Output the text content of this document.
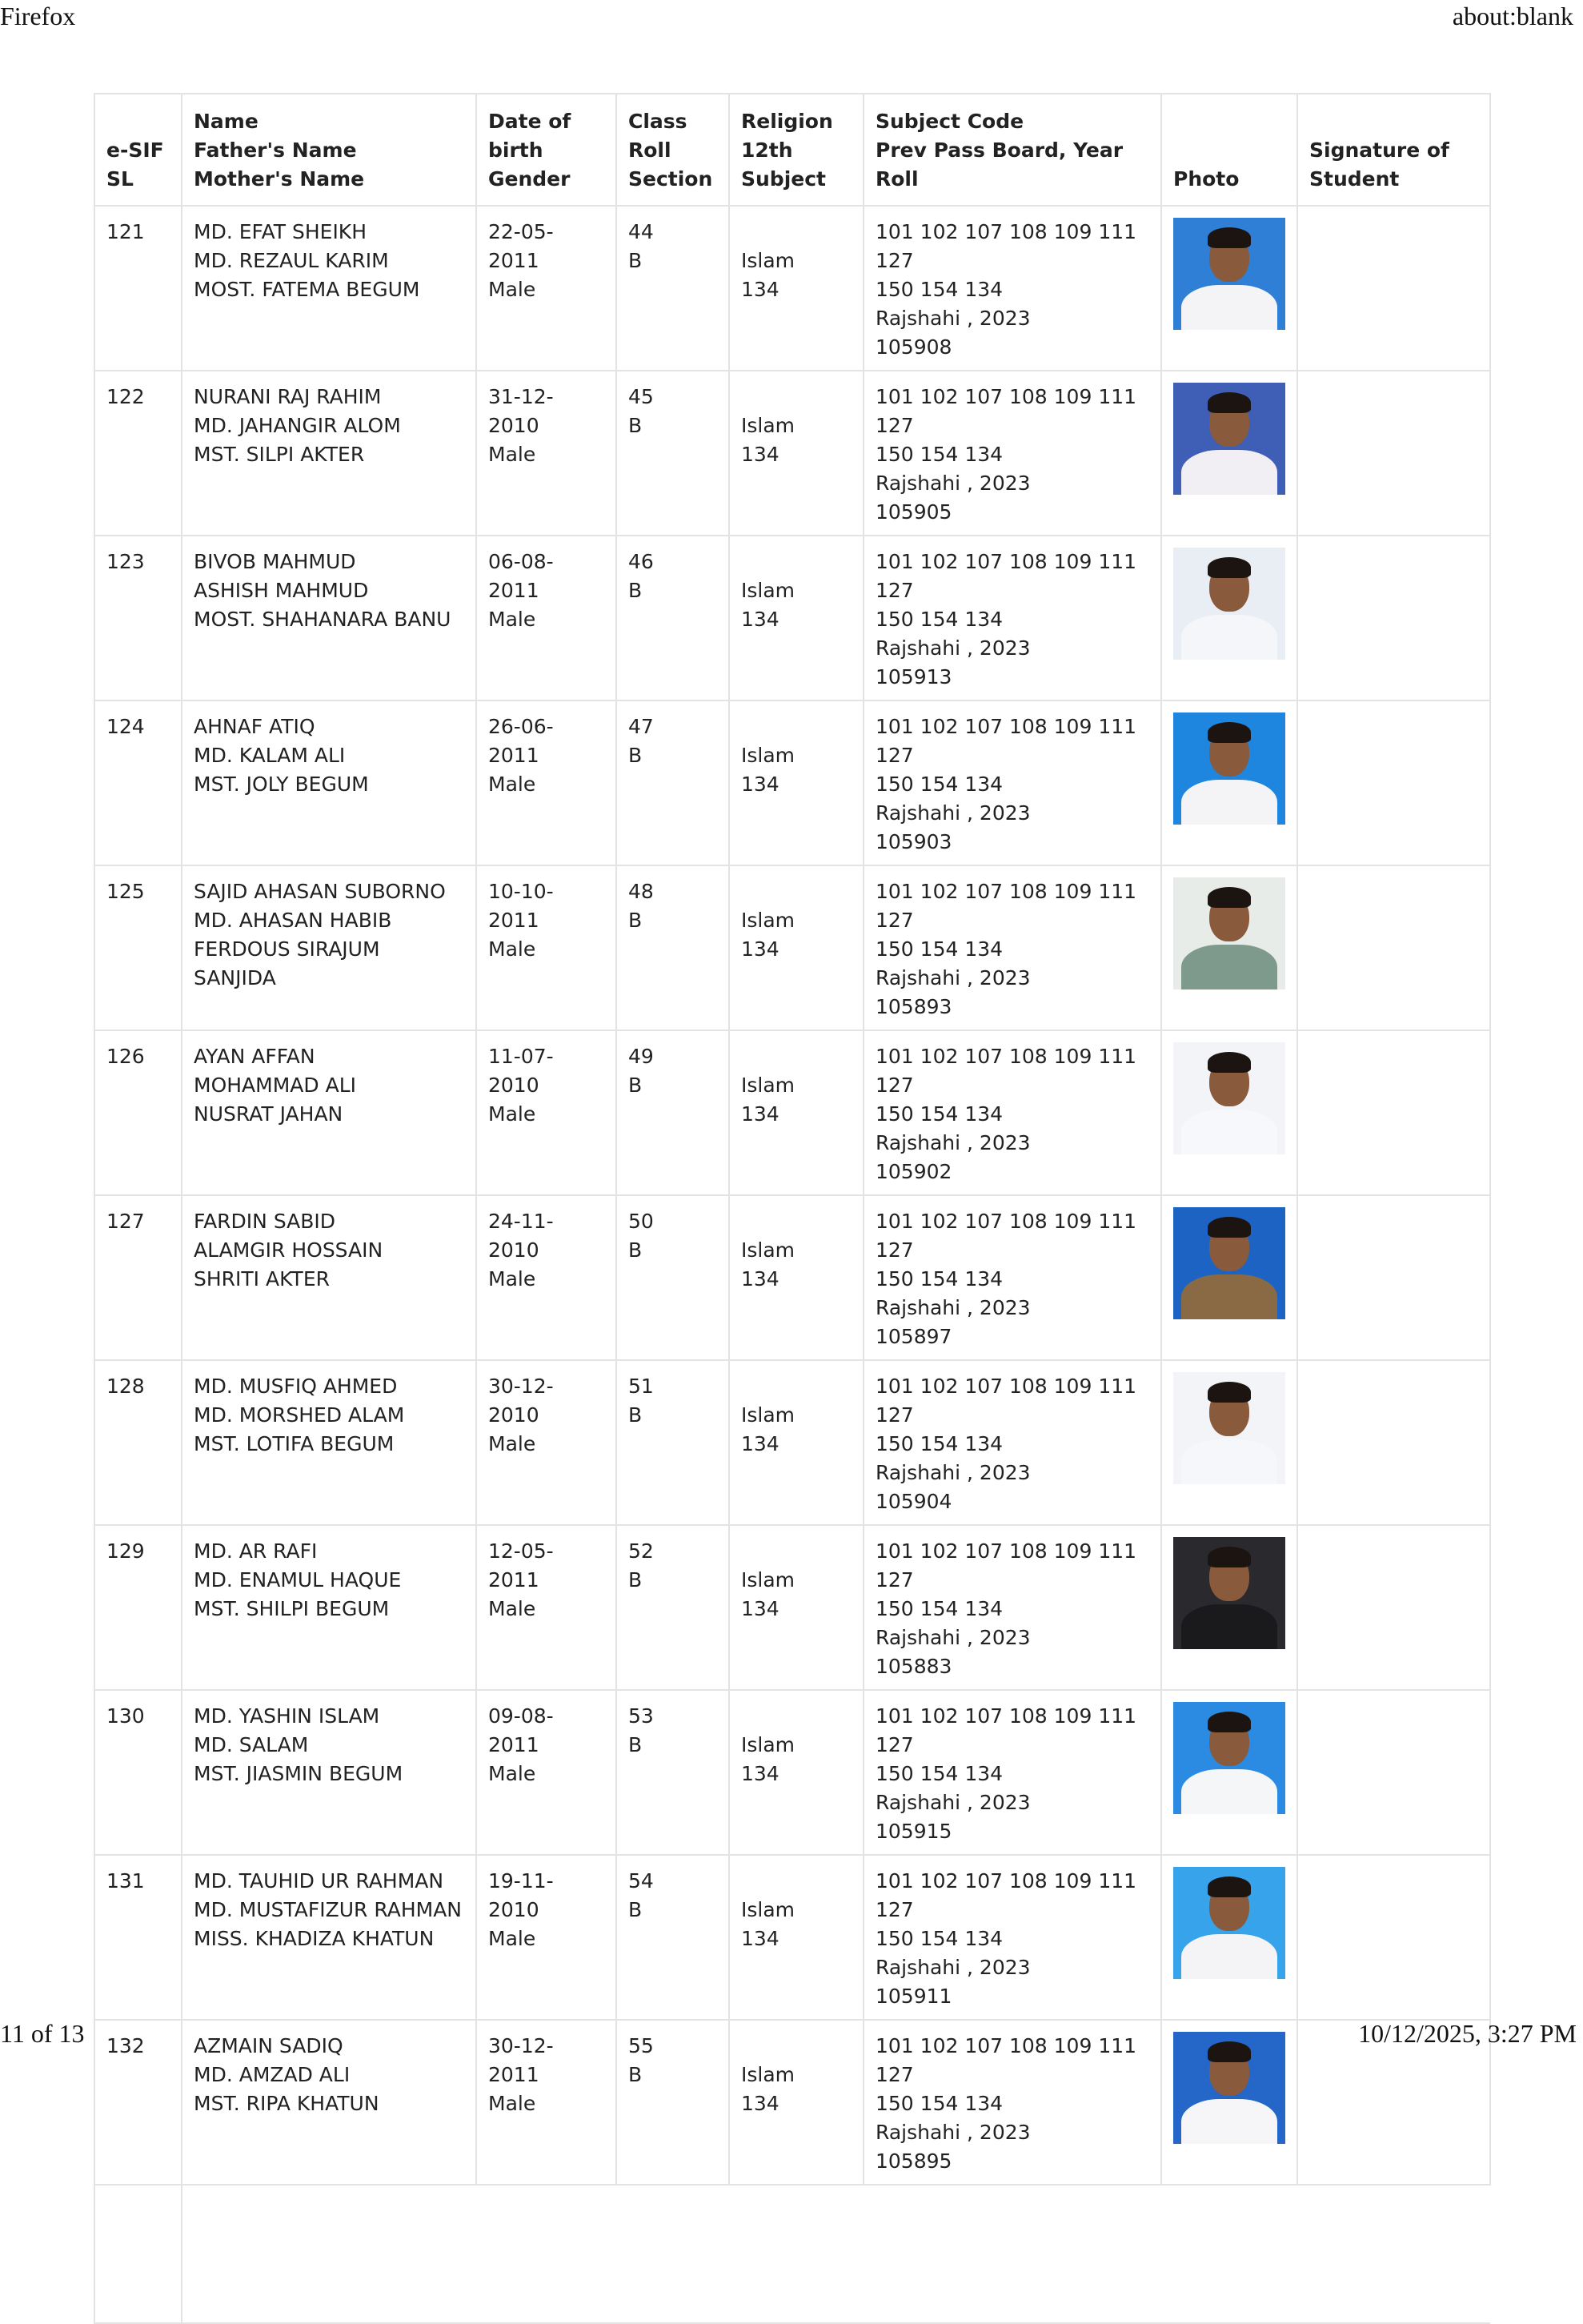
Firefox	about:blank
e-SIF
SL	Name
Father's Name
Mother's Name	Date of
birth
Gender	Class
Roll
Section	Religion
12th
Subject	Subject Code
Prev Pass Board, Year
Roll	Photo	Signature of
Student

121	MD. EFAT SHEIKH
MD. REZAUL KARIM
MOST. FATEMA BEGUM	22-05-2011
Male	44
B	Islam
134	101 102 107 108 109 111 127
150 154 134
Rajshahi , 2023
105908		

122	NURANI RAJ RAHIM
MD. JAHANGIR ALOM
MST. SILPI AKTER	31-12-2010
Male	45
B	Islam
134	101 102 107 108 109 111 127
150 154 134
Rajshahi , 2023
105905		

123	BIVOB MAHMUD
ASHISH MAHMUD
MOST. SHAHANARA BANU	06-08-2011
Male	46
B	Islam
134	101 102 107 108 109 111 127
150 154 134
Rajshahi , 2023
105913		

124	AHNAF ATIQ
MD. KALAM ALI
MST. JOLY BEGUM	26-06-2011
Male	47
B	Islam
134	101 102 107 108 109 111 127
150 154 134
Rajshahi , 2023
105903		

125	SAJID AHASAN SUBORNO
MD. AHASAN HABIB
FERDOUS SIRAJUM SANJIDA	10-10-2011
Male	48
B	Islam
134	101 102 107 108 109 111 127
150 154 134
Rajshahi , 2023
105893		

126	AYAN AFFAN
MOHAMMAD ALI
NUSRAT JAHAN	11-07-2010
Male	49
B	Islam
134	101 102 107 108 109 111 127
150 154 134
Rajshahi , 2023
105902		

127	FARDIN SABID
ALAMGIR HOSSAIN
SHRITI AKTER	24-11-2010
Male	50
B	Islam
134	101 102 107 108 109 111 127
150 154 134
Rajshahi , 2023
105897		

128	MD. MUSFIQ AHMED
MD. MORSHED ALAM
MST. LOTIFA BEGUM	30-12-2010
Male	51
B	Islam
134	101 102 107 108 109 111 127
150 154 134
Rajshahi , 2023
105904		

129	MD. AR RAFI
MD. ENAMUL HAQUE
MST. SHILPI BEGUM	12-05-2011
Male	52
B	Islam
134	101 102 107 108 109 111 127
150 154 134
Rajshahi , 2023
105883		

130	MD. YASHIN ISLAM
MD. SALAM
MST. JIASMIN BEGUM	09-08-2011
Male	53
B	Islam
134	101 102 107 108 109 111 127
150 154 134
Rajshahi , 2023
105915		

131	MD. TAUHID UR RAHMAN
MD. MUSTAFIZUR RAHMAN
MISS. KHADIZA KHATUN	19-11-2010
Male	54
B	Islam
134	101 102 107 108 109 111 127
150 154 134
Rajshahi , 2023
105911		

132	AZMAIN SADIQ
MD. AMZAD ALI
MST. RIPA KHATUN	30-12-2011
Male	55
B	Islam
134	101 102 107 108 109 111 127
150 154 134
Rajshahi , 2023
105895		

11 of 13	10/12/2025, 3:27 PM
